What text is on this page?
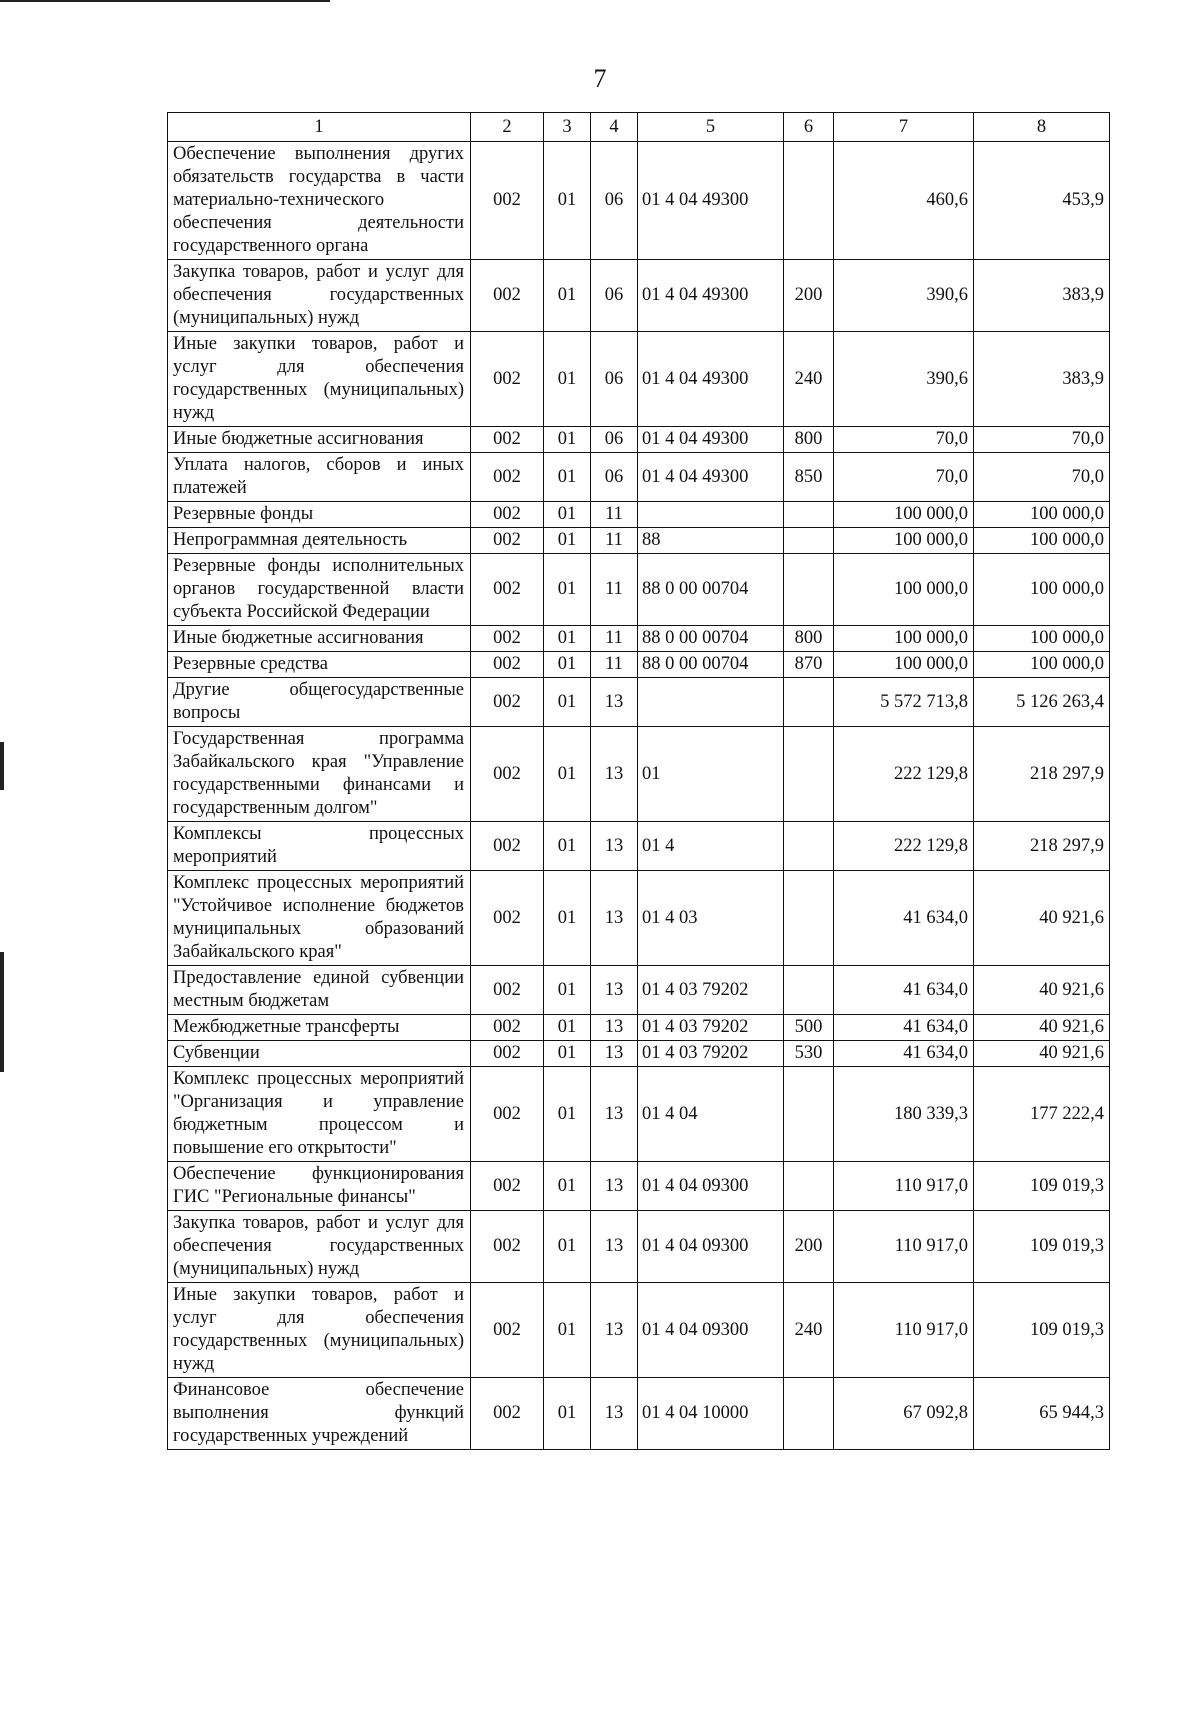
7
1	2	3	4	5	6	7	8
Обеспечение выполнения других обязательств государства в части материально-технического обеспечения деятельности государственного органа	002	01	06	01 4 04 49300		460,6	453,9
Закупка товаров, работ и услуг для обеспечения государственных (муниципальных) нужд	002	01	06	01 4 04 49300	200	390,6	383,9
Иные закупки товаров, работ и услуг для обеспечения государственных (муниципальных) нужд	002	01	06	01 4 04 49300	240	390,6	383,9
Иные бюджетные ассигнования	002	01	06	01 4 04 49300	800	70,0	70,0
Уплата налогов, сборов и иных платежей	002	01	06	01 4 04 49300	850	70,0	70,0
Резервные фонды	002	01	11			100 000,0	100 000,0
Непрограммная деятельность	002	01	11	88		100 000,0	100 000,0
Резервные фонды исполнительных органов государственной власти субъекта Российской Федерации	002	01	11	88 0 00 00704		100 000,0	100 000,0
Иные бюджетные ассигнования	002	01	11	88 0 00 00704	800	100 000,0	100 000,0
Резервные средства	002	01	11	88 0 00 00704	870	100 000,0	100 000,0
Другие общегосударственные вопросы	002	01	13			5 572 713,8	5 126 263,4
Государственная программа Забайкальского края "Управление государственными финансами и государственным долгом"	002	01	13	01		222 129,8	218 297,9
Комплексы процессных мероприятий	002	01	13	01 4		222 129,8	218 297,9
Комплекс процессных мероприятий "Устойчивое исполнение бюджетов муниципальных образований Забайкальского края"	002	01	13	01 4 03		41 634,0	40 921,6
Предоставление единой субвенции местным бюджетам	002	01	13	01 4 03 79202		41 634,0	40 921,6
Межбюджетные трансферты	002	01	13	01 4 03 79202	500	41 634,0	40 921,6
Субвенции	002	01	13	01 4 03 79202	530	41 634,0	40 921,6
Комплекс процессных мероприятий "Организация и управление бюджетным процессом и повышение его открытости"	002	01	13	01 4 04		180 339,3	177 222,4
Обеспечение функционирования ГИС "Региональные финансы"	002	01	13	01 4 04 09300		110 917,0	109 019,3
Закупка товаров, работ и услуг для обеспечения государственных (муниципальных) нужд	002	01	13	01 4 04 09300	200	110 917,0	109 019,3
Иные закупки товаров, работ и услуг для обеспечения государственных (муниципальных) нужд	002	01	13	01 4 04 09300	240	110 917,0	109 019,3
Финансовое обеспечение выполнения функций государственных учреждений	002	01	13	01 4 04 10000		67 092,8	65 944,3
